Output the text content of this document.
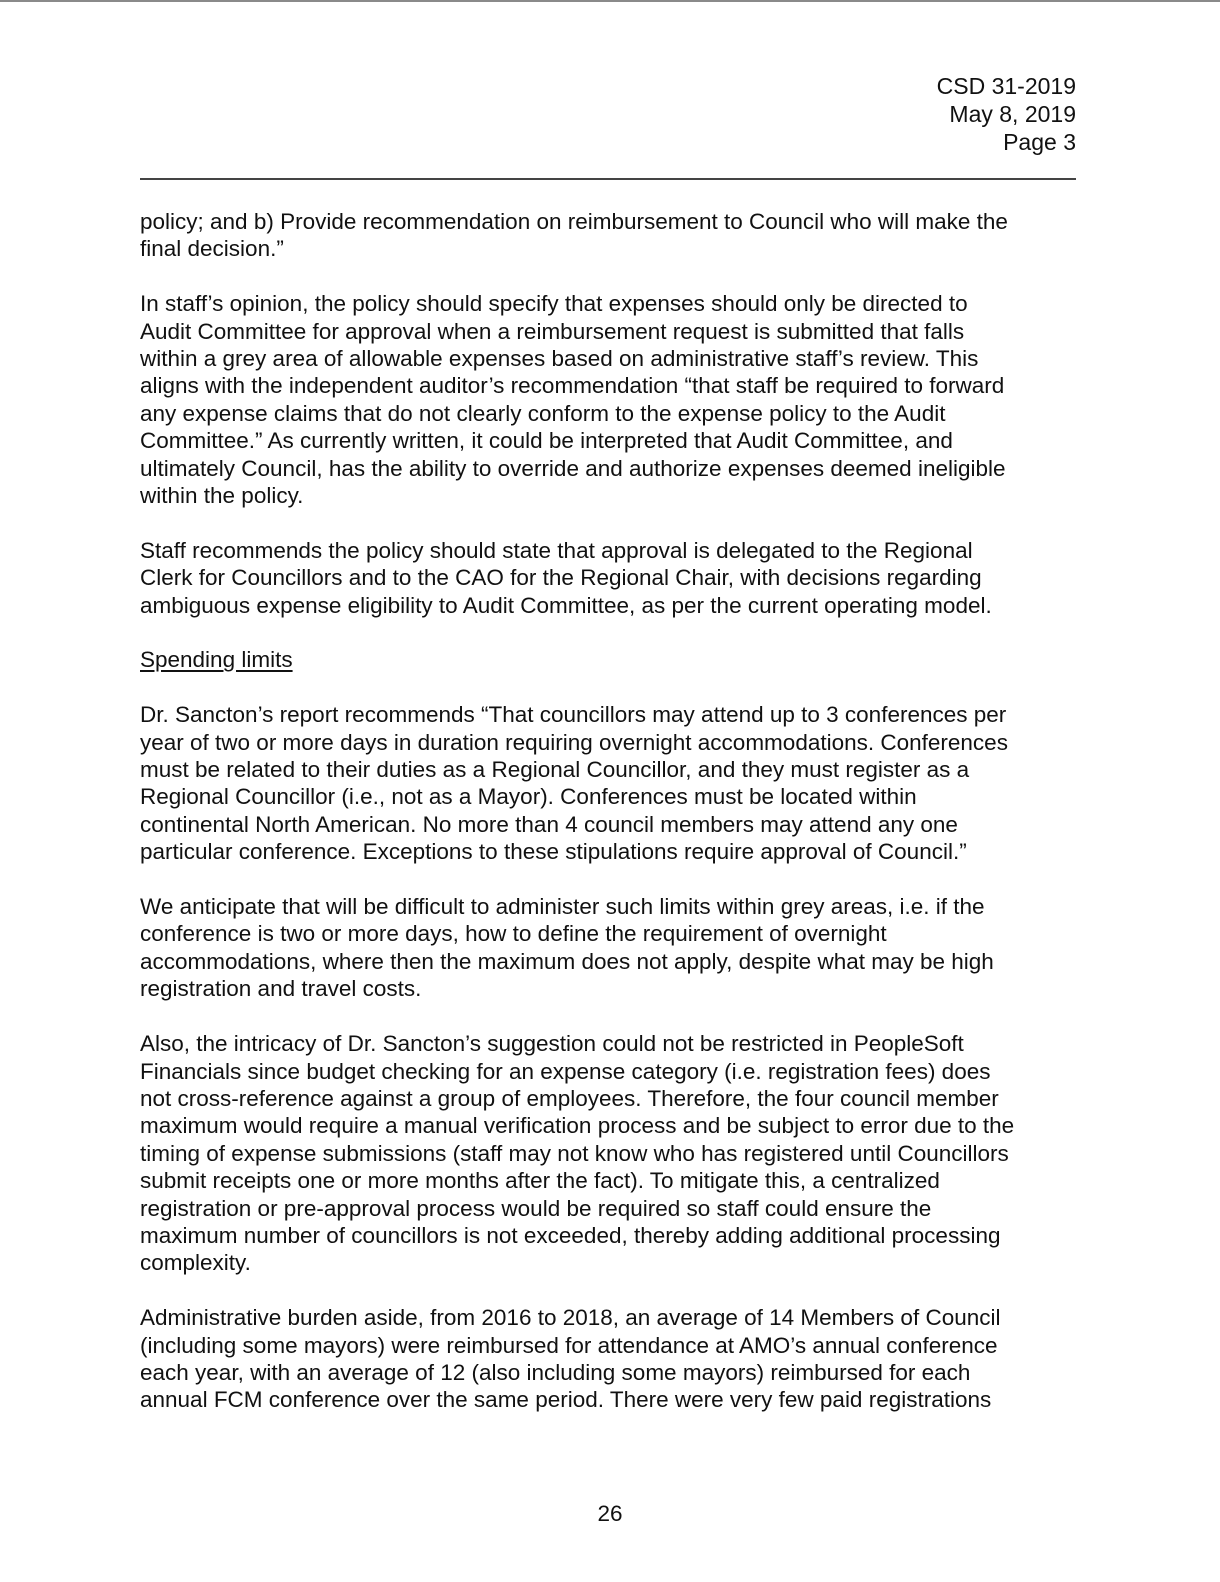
CSD 31-2019
May 8, 2019
Page 3

policy; and b) Provide recommendation on reimbursement to Council who will make the
final decision.”

In staff’s opinion, the policy should specify that expenses should only be directed to
Audit Committee for approval when a reimbursement request is submitted that falls
within a grey area of allowable expenses based on administrative staff’s review. This
aligns with the independent auditor’s recommendation “that staff be required to forward
any expense claims that do not clearly conform to the expense policy to the Audit
Committee.” As currently written, it could be interpreted that Audit Committee, and
ultimately Council, has the ability to override and authorize expenses deemed ineligible
within the policy.

Staff recommends the policy should state that approval is delegated to the Regional
Clerk for Councillors and to the CAO for the Regional Chair, with decisions regarding
ambiguous expense eligibility to Audit Committee, as per the current operating model.

Spending limits

Dr. Sancton’s report recommends “That councillors may attend up to 3 conferences per
year of two or more days in duration requiring overnight accommodations. Conferences
must be related to their duties as a Regional Councillor, and they must register as a
Regional Councillor (i.e., not as a Mayor). Conferences must be located within
continental North American. No more than 4 council members may attend any one
particular conference. Exceptions to these stipulations require approval of Council.”

We anticipate that will be difficult to administer such limits within grey areas, i.e. if the
conference is two or more days, how to define the requirement of overnight
accommodations, where then the maximum does not apply, despite what may be high
registration and travel costs.

Also, the intricacy of Dr. Sancton’s suggestion could not be restricted in PeopleSoft
Financials since budget checking for an expense category (i.e. registration fees) does
not cross-reference against a group of employees. Therefore, the four council member
maximum would require a manual verification process and be subject to error due to the
timing of expense submissions (staff may not know who has registered until Councillors
submit receipts one or more months after the fact). To mitigate this, a centralized
registration or pre-approval process would be required so staff could ensure the
maximum number of councillors is not exceeded, thereby adding additional processing
complexity.

Administrative burden aside, from 2016 to 2018, an average of 14 Members of Council
(including some mayors) were reimbursed for attendance at AMO’s annual conference
each year, with an average of 12 (also including some mayors) reimbursed for each
annual FCM conference over the same period. There were very few paid registrations

26
